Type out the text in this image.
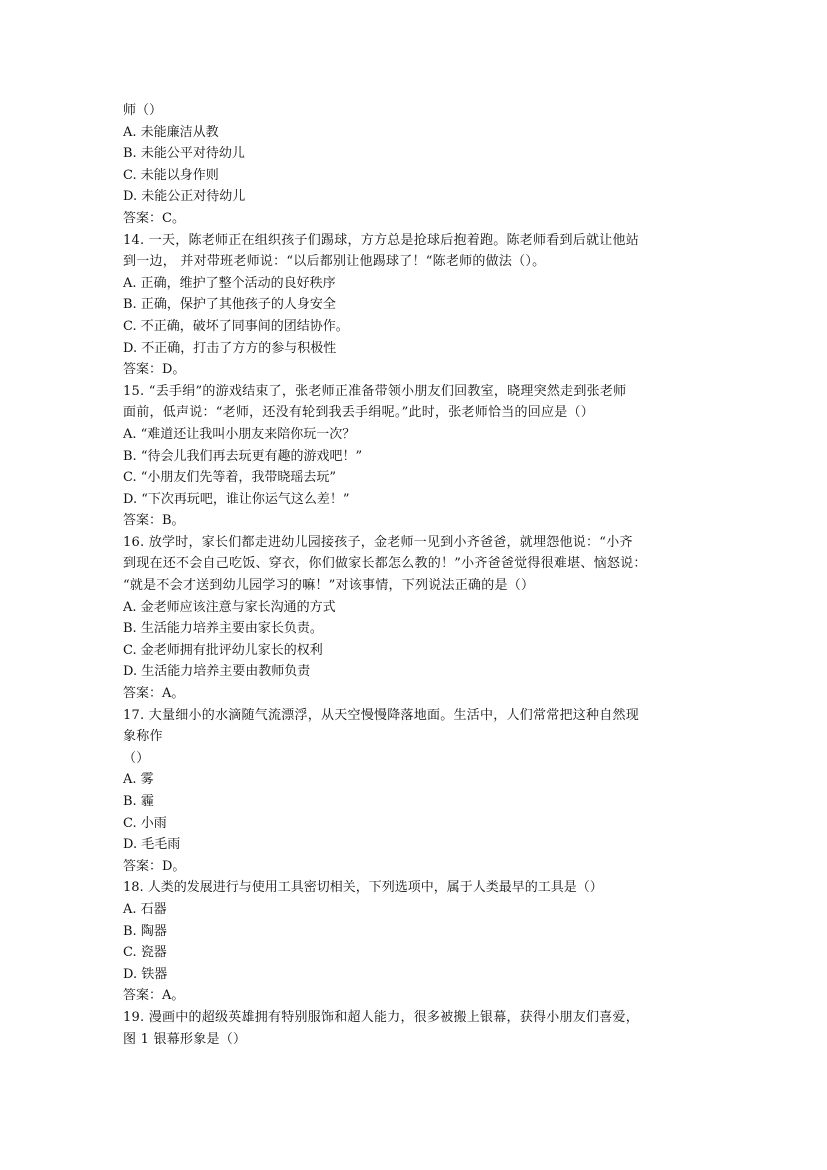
师（）
A. 未能廉洁从教
B. 未能公平对待幼儿
C. 未能以身作则
D. 未能公正对待幼儿
答案：C。
14. 一天，陈老师正在组织孩子们踢球，方方总是抢球后抱着跑。陈老师看到后就让他站
到一边， 并对带班老师说：“以后都别让他踢球了！“陈老师的做法（）。
A. 正确，维护了整个活动的良好秩序
B. 正确，保护了其他孩子的人身安全
C. 不正确，破坏了同事间的团结协作。
D. 不正确，打击了方方的参与积极性
答案：D。
15. “丢手绢”的游戏结束了，张老师正准备带领小朋友们回教室，晓理突然走到张老师
面前，低声说：“老师，还没有轮到我丢手绢呢。”此时，张老师恰当的回应是（）
A. “难道还让我叫小朋友来陪你玩一次？
B. “待会儿我们再去玩更有趣的游戏吧！”
C. “小朋友们先等着，我带晓瑶去玩”
D. “下次再玩吧，谁让你运气这么差！”
答案：B。
16. 放学时，家长们都走进幼儿园接孩子，金老师一见到小齐爸爸，就埋怨他说：“小齐
到现在还不会自己吃饭、穿衣，你们做家长都怎么教的！”小齐爸爸觉得很难堪、恼怒说：
“就是不会才送到幼儿园学习的嘛！”对该事情，下列说法正确的是（）
A. 金老师应该注意与家长沟通的方式
B. 生活能力培养主要由家长负责。
C. 金老师拥有批评幼儿家长的权利
D. 生活能力培养主要由教师负责
答案：A。
17. 大量细小的水滴随气流漂浮，从天空慢慢降落地面。生活中，人们常常把这种自然现
象称作
（）
A. 雾
B. 霾
C. 小雨
D. 毛毛雨
答案：D。
18. 人类的发展进行与使用工具密切相关，下列选项中，属于人类最早的工具是（）
A. 石器
B. 陶器
C. 瓷器
D. 铁器
答案：A。
19. 漫画中的超级英雄拥有特别服饰和超人能力，很多被搬上银幕，获得小朋友们喜爱，
图 1 银幕形象是（）
